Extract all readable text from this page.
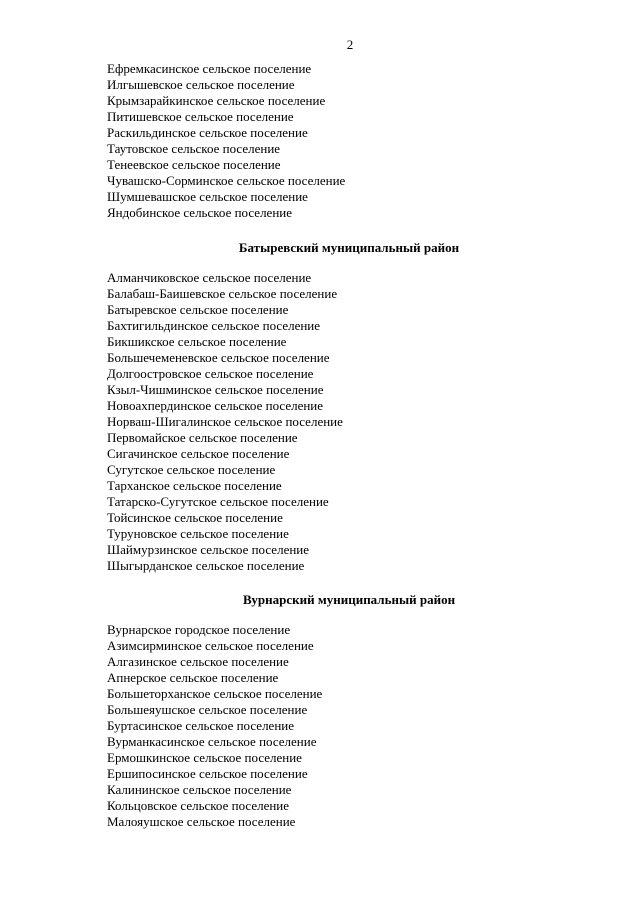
2
Ефремкасинское сельское поселение
Илгышевское сельское поселение
Крымзарайкинское сельское поселение
Питишевское сельское поселение
Раскильдинское сельское поселение
Таутовское сельское поселение
Тенеевское сельское поселение
Чувашско-Сорминское сельское поселение
Шумшевашское сельское поселение
Яндобинское сельское поселение
Батыревский муниципальный район
Алманчиковское сельское поселение
Балабаш-Баишевское сельское поселение
Батыревское сельское поселение
Бахтигильдинское сельское поселение
Бикшикское сельское поселение
Большечеменевское сельское поселение
Долгоостровское сельское поселение
Кзыл-Чишминское сельское поселение
Новоахпердинское сельское поселение
Норваш-Шигалинское сельское поселение
Первомайское сельское поселение
Сигачинское сельское поселение
Сугутское сельское поселение
Тарханское сельское поселение
Татарско-Сугутское сельское поселение
Тойсинское сельское поселение
Туруновское сельское поселение
Шаймурзинское сельское поселение
Шыгырданское сельское поселение
Вурнарский муниципальный район
Вурнарское городское поселение
Азимсирминское сельское поселение
Алгазинское сельское поселение
Апнерское сельское поселение
Большеторханское сельское поселение
Большеяушское сельское поселение
Буртасинское сельское поселение
Вурманкасинское сельское поселение
Ермошкинское сельское поселение
Ершипосинское сельское поселение
Калининское сельское поселение
Кольцовское сельское поселение
Малояушское сельское поселение
